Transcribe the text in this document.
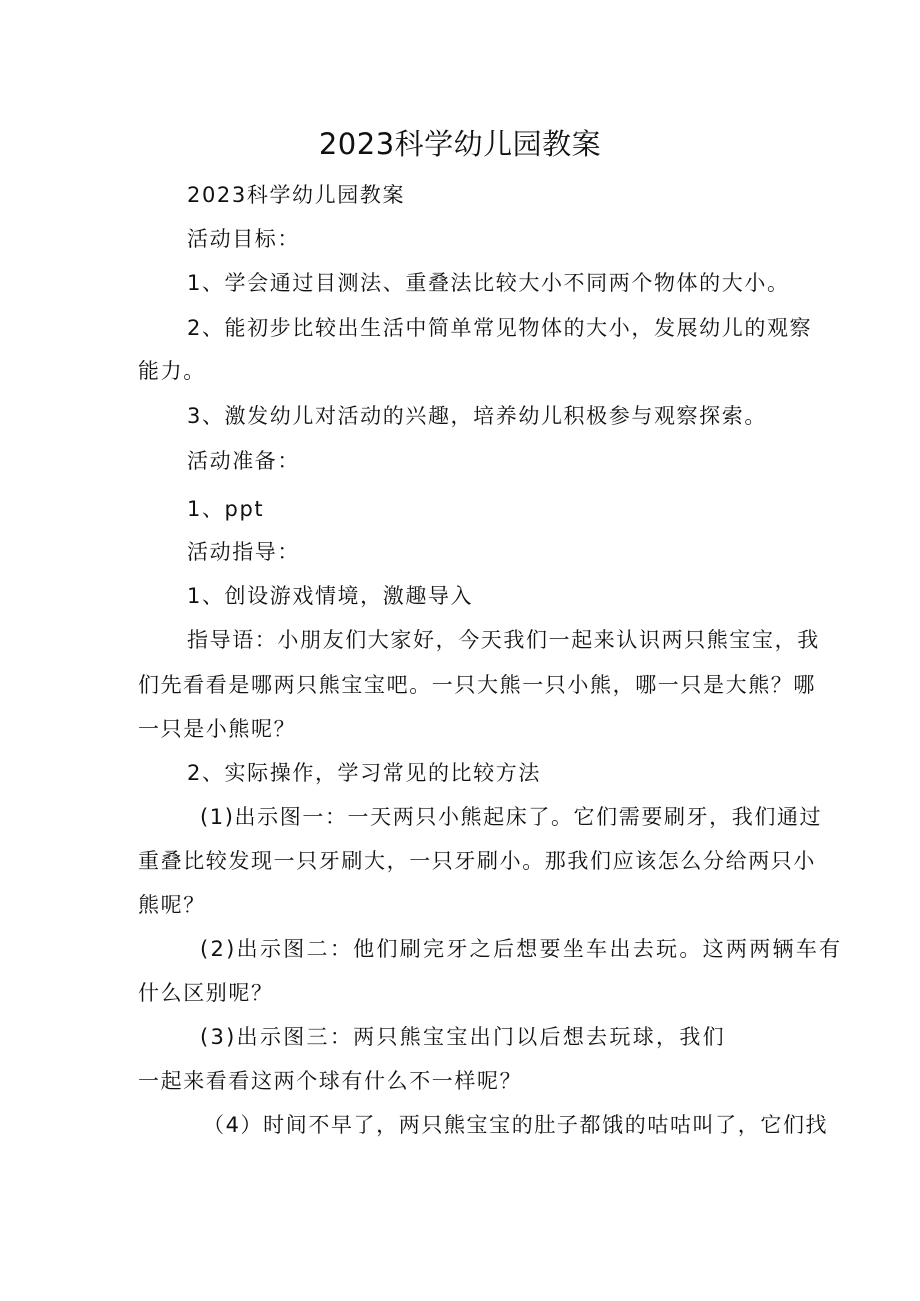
2023科学幼儿园教案

2023科学幼儿园教案

活动目标：

1、学会通过目测法、重叠法比较大小不同两个物体的大小。

2、能初步比较出生活中简单常见物体的大小，发展幼儿的观察

能力。

3、激发幼儿对活动的兴趣，培养幼儿积极参与观察探索。

活动准备：

1、ppt

活动指导：

1、创设游戏情境，激趣导入

指导语：小朋友们大家好，今天我们一起来认识两只熊宝宝，我

们先看看是哪两只熊宝宝吧。一只大熊一只小熊，哪一只是大熊？哪

一只是小熊呢？

2、实际操作，学习常见的比较方法

(1)出示图一：一天两只小熊起床了。它们需要刷牙，我们通过

重叠比较发现一只牙刷大，一只牙刷小。那我们应该怎么分给两只小

熊呢？

(2)出示图二：他们刷完牙之后想要坐车出去玩。这两两辆车有

什么区别呢？

(3)出示图三：两只熊宝宝出门以后想去玩球，我们

一起来看看这两个球有什么不一样呢？

（4）时间不早了，两只熊宝宝的肚子都饿的咕咕叫了，它们找
